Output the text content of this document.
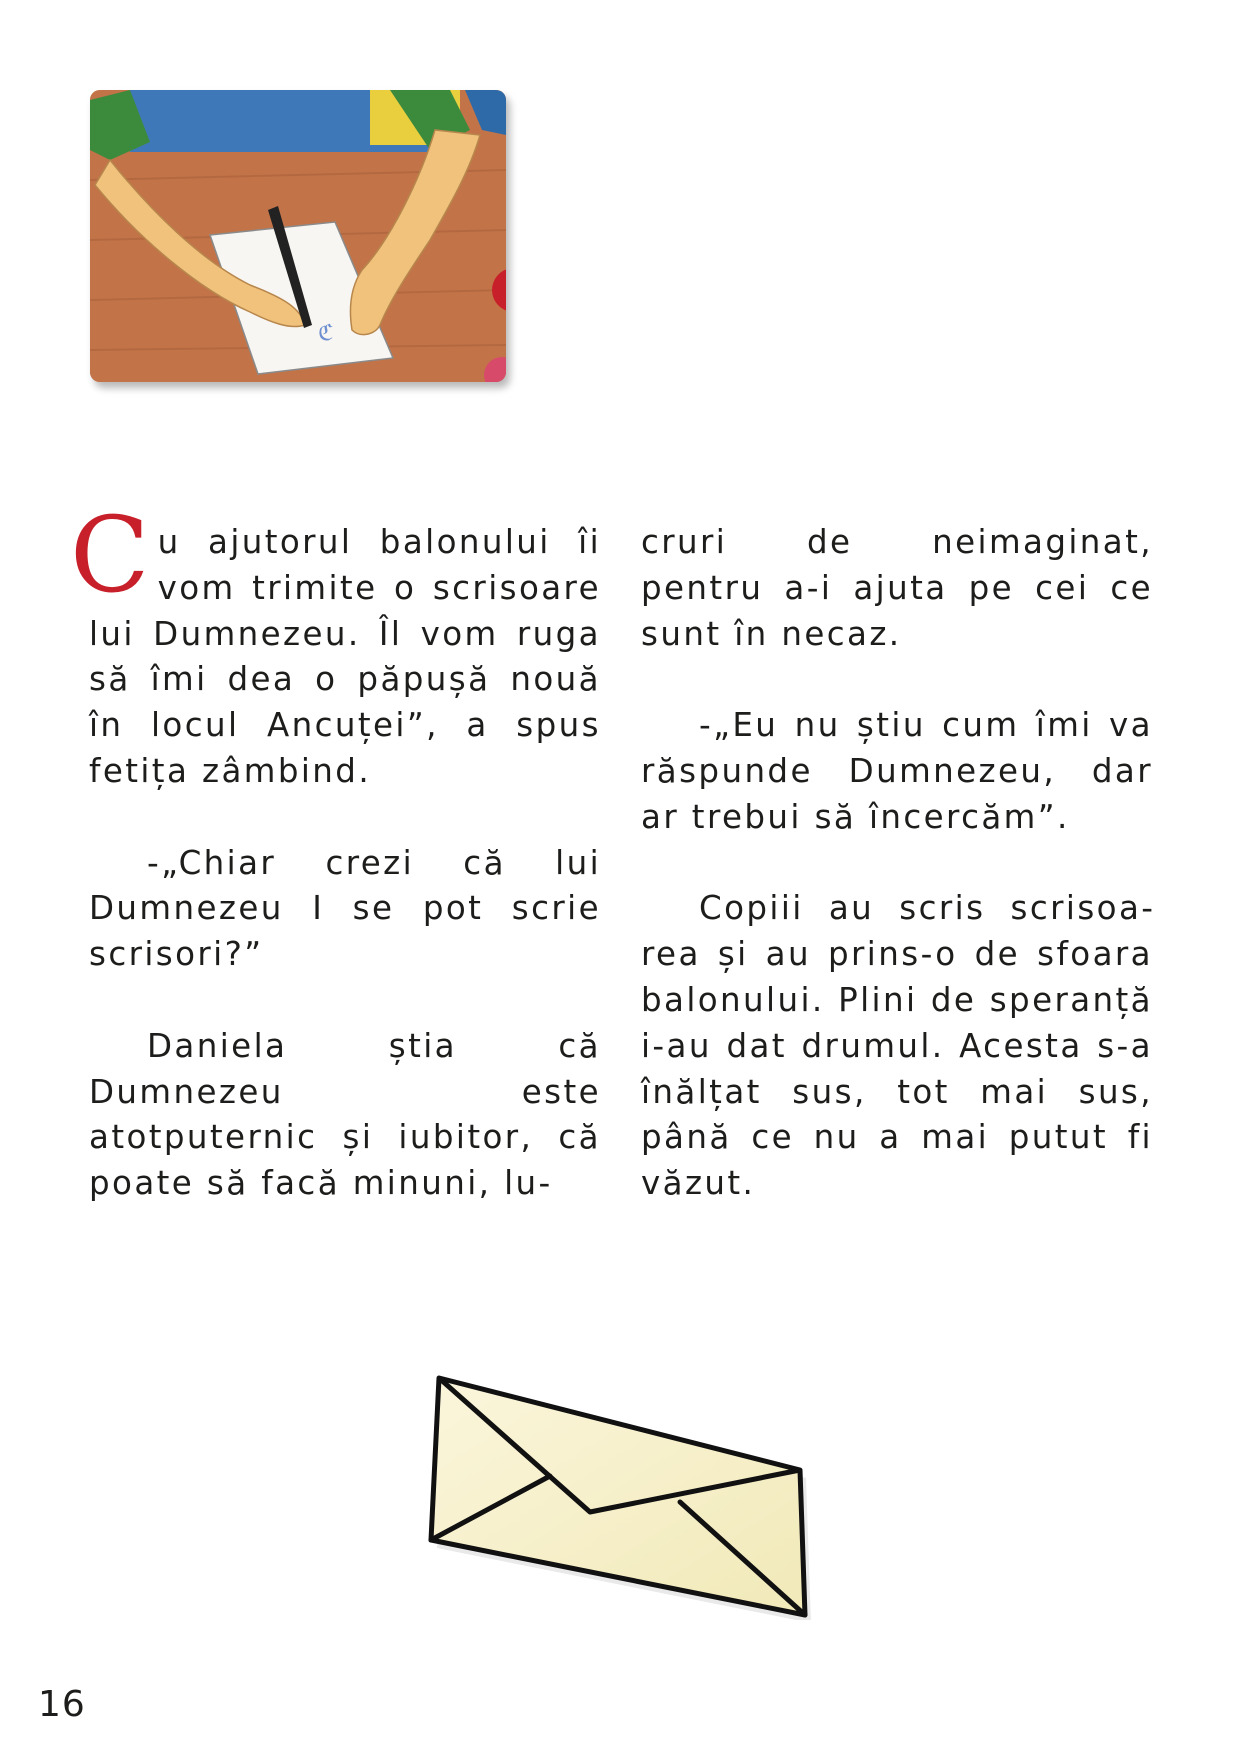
ℭ

Cu ajutorul balonului îi vom trimite o scrisoare lui Dumnezeu. Îl vom ruga să îmi dea o păpușă nouă în locul Ancuței”, a spus fetița zâmbind.

-„Chiar crezi că lui Dumnezeu I se pot scrie scrisori?”

Daniela știa că Dumnezeu este atotputernic și iubitor, că poate să facă minuni, lu-

cruri de neimaginat, pentru a-i ajuta pe cei ce sunt în necaz.

-„Eu nu știu cum îmi va răspunde Dumnezeu, dar ar trebui să încercăm”.

Copiii au scris scrisoarea și au prins-o de sfoara balonului. Plini de speranță i-au dat drumul. Acesta s-a înălțat sus, tot mai sus, până ce nu a mai putut fi văzut.

16
